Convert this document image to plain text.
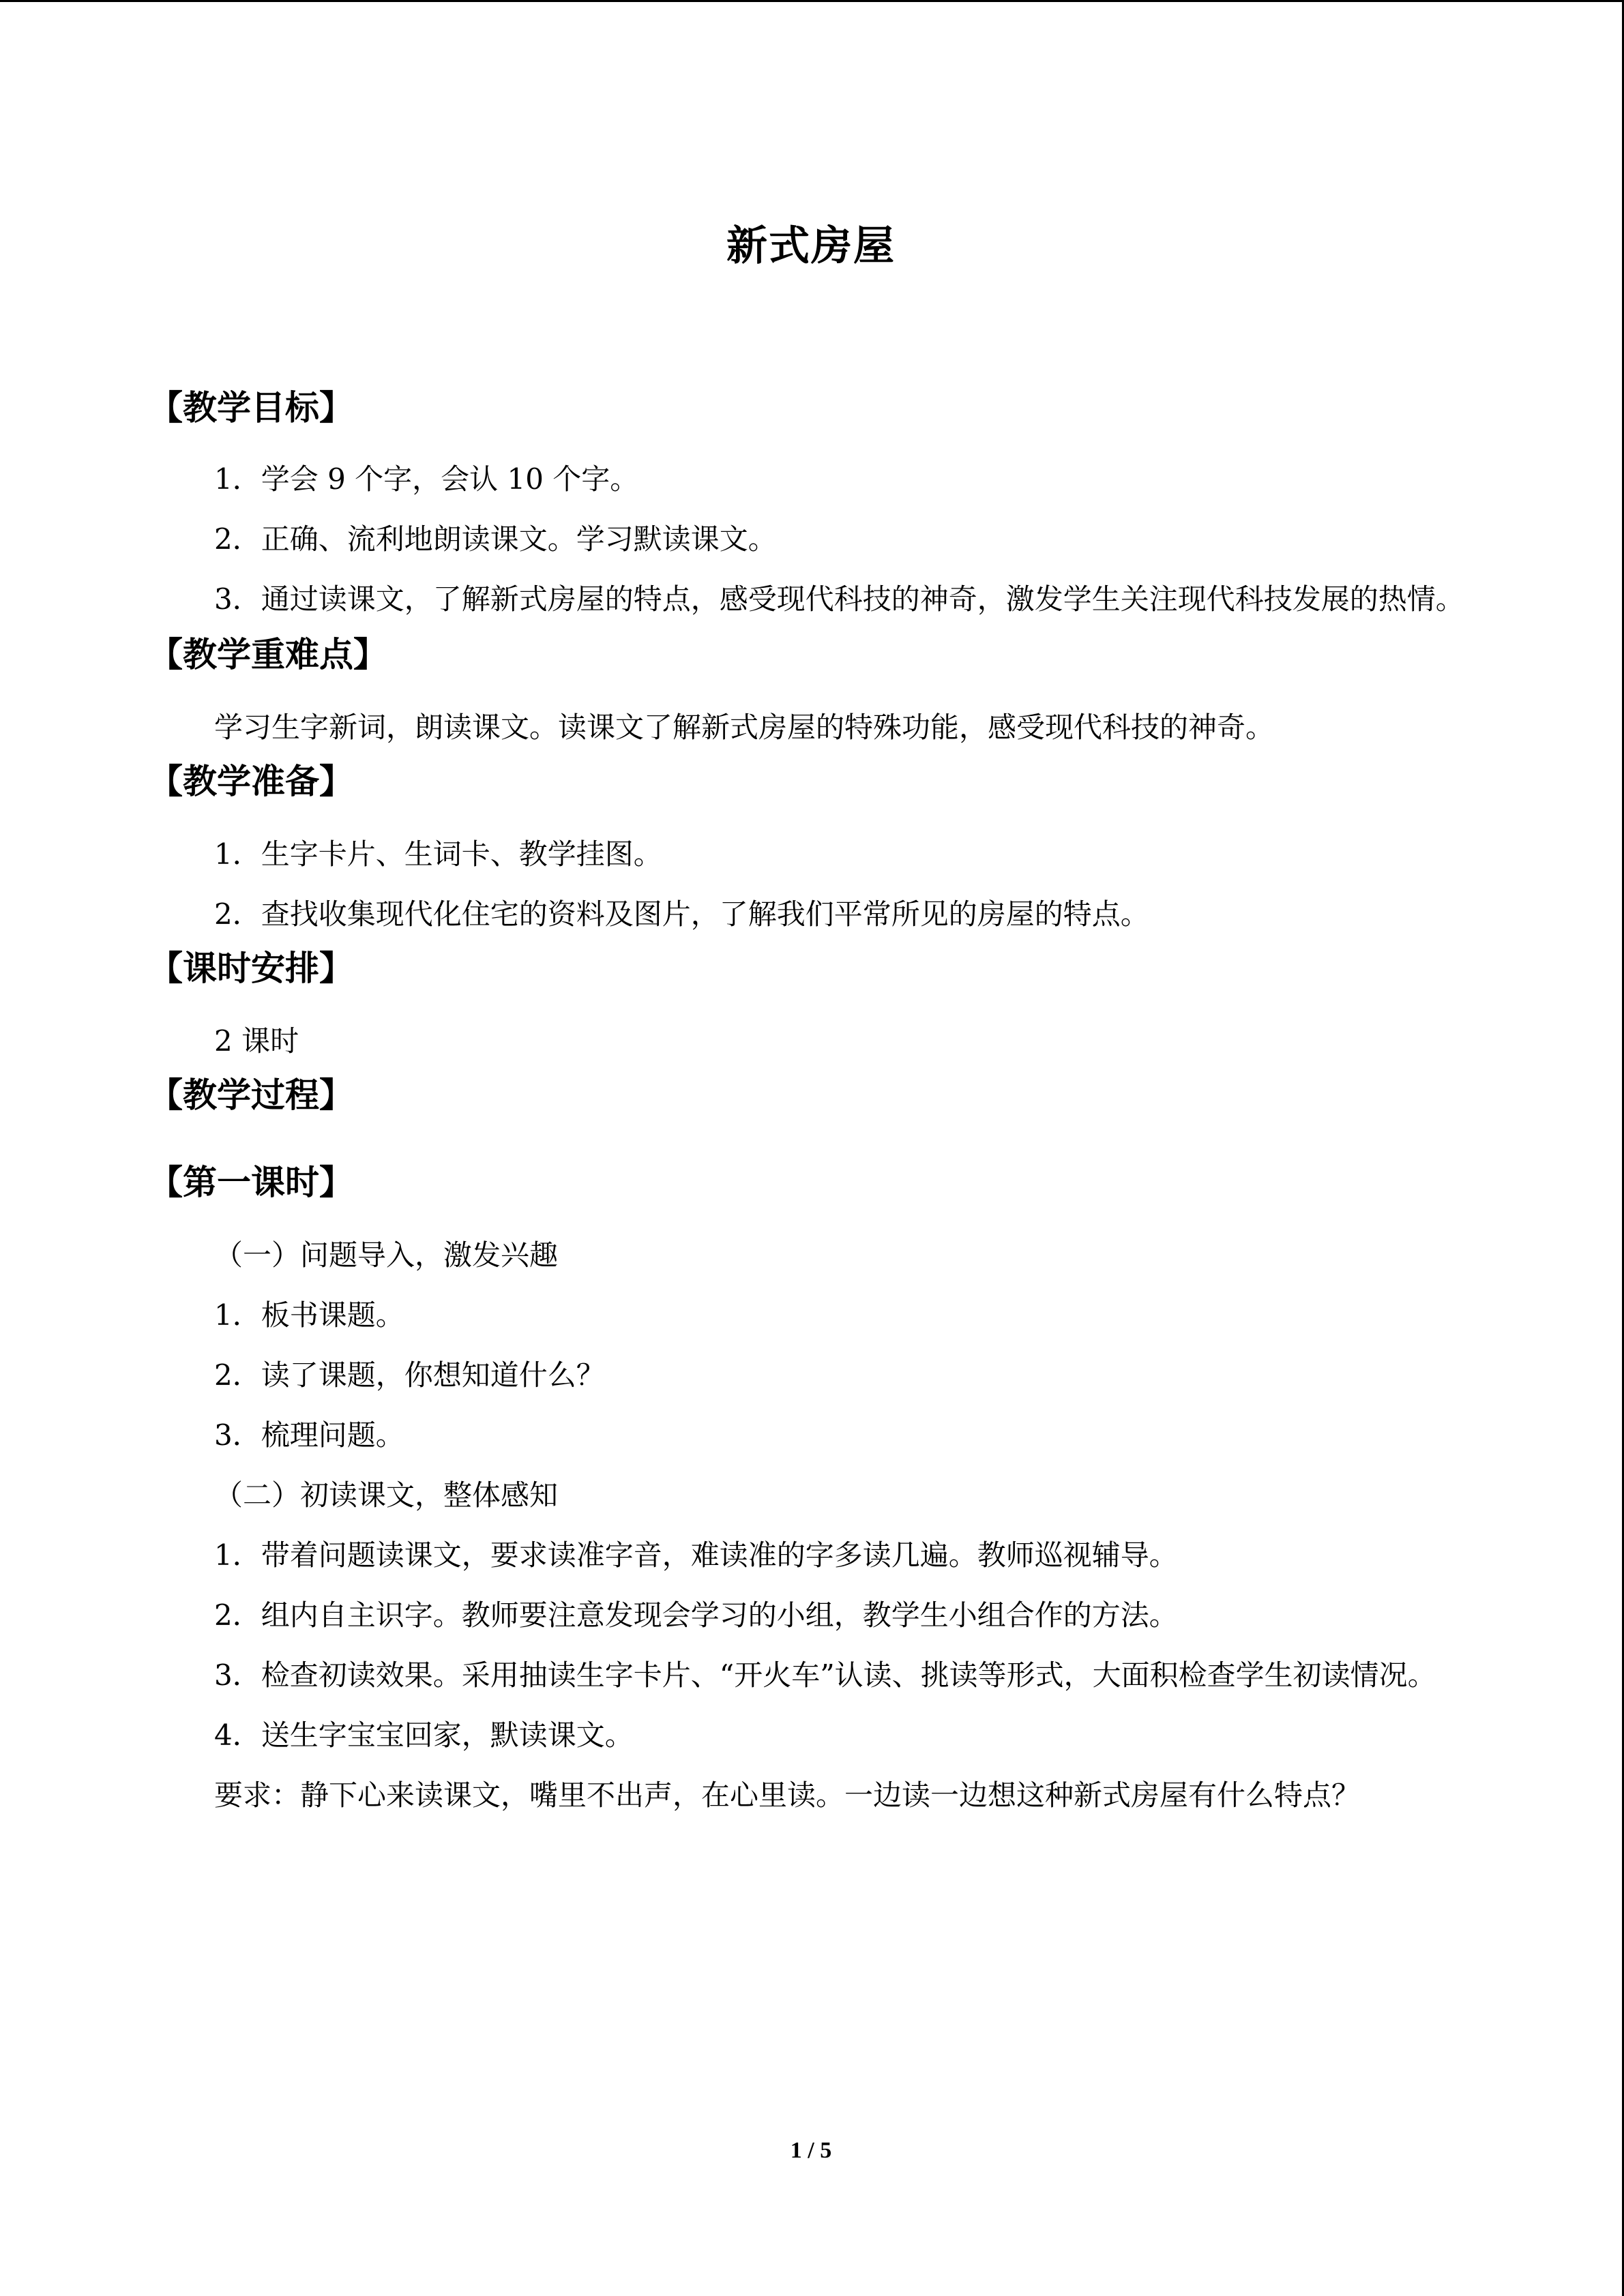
新式房屋

【教学目标】

1．学会 9 个字，会认 10 个字。

2．正确、流利地朗读课文。学习默读课文。

3．通过读课文，了解新式房屋的特点，感受现代科技的神奇，激发学生关注现代科技发展的热情。

【教学重难点】

学习生字新词，朗读课文。读课文了解新式房屋的特殊功能，感受现代科技的神奇。

【教学准备】

1．生字卡片、生词卡、教学挂图。

2．查找收集现代化住宅的资料及图片，了解我们平常所见的房屋的特点。

【课时安排】

2 课时

【教学过程】

【第一课时】

（一）问题导入，激发兴趣

1．板书课题。

2．读了课题，你想知道什么？

3．梳理问题。

（二）初读课文，整体感知

1．带着问题读课文，要求读准字音，难读准的字多读几遍。教师巡视辅导。

2．组内自主识字。教师要注意发现会学习的小组，教学生小组合作的方法。

3．检查初读效果。采用抽读生字卡片、“开火车”认读、挑读等形式，大面积检查学生初读情况。

4．送生字宝宝回家，默读课文。

要求：静下心来读课文，嘴里不出声，在心里读。一边读一边想这种新式房屋有什么特点？

1 / 5
